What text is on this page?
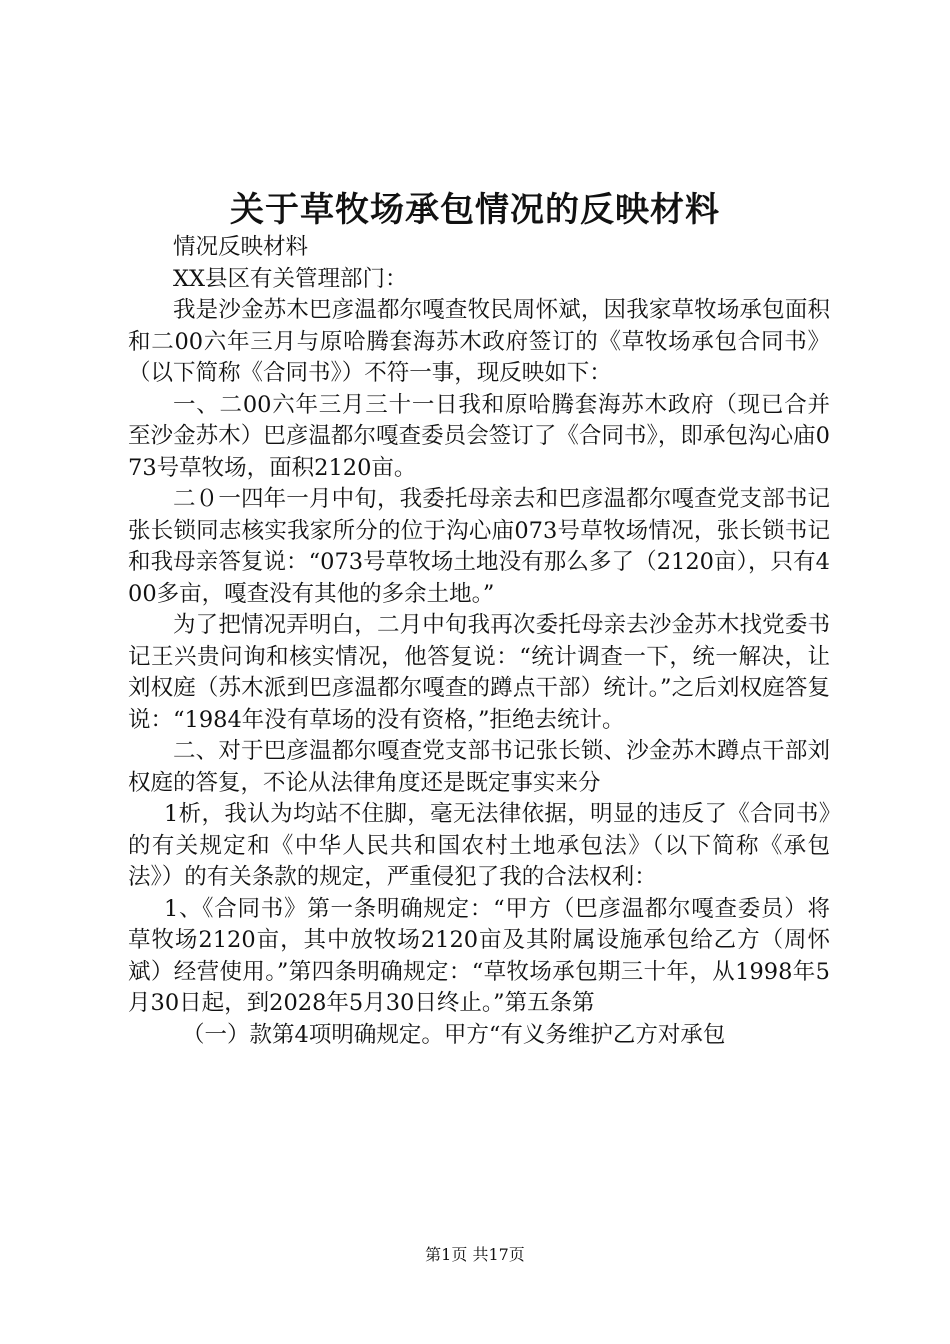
关于草牧场承包情况的反映材料

情况反映材料

XX县区有关管理部门：

我是沙金苏木巴彦温都尔嘎查牧民周怀斌，因我家草牧场承包面积和二00六年三月与原哈腾套海苏木政府签订的《草牧场承包合同书》（以下简称《合同书》）不符一事，现反映如下：

一、二00六年三月三十一日我和原哈腾套海苏木政府（现已合并至沙金苏木）巴彦温都尔嘎查委员会签订了《合同书》，即承包沟心庙073号草牧场，面积2120亩。

二０一四年一月中旬，我委托母亲去和巴彦温都尔嘎查党支部书记张长锁同志核实我家所分的位于沟心庙073号草牧场情况，张长锁书记和我母亲答复说：“073号草牧场土地没有那么多了（2120亩），只有400多亩，嘎查没有其他的多余土地。”

为了把情况弄明白，二月中旬我再次委托母亲去沙金苏木找党委书记王兴贵问询和核实情况，他答复说：“统计调查一下，统一解决，让刘权庭（苏木派到巴彦温都尔嘎查的蹲点干部）统计。”之后刘权庭答复说：“1984年没有草场的没有资格，”拒绝去统计。

二、对于巴彦温都尔嘎查党支部书记张长锁、沙金苏木蹲点干部刘权庭的答复，不论从法律角度还是既定事实来分

1析，我认为均站不住脚，毫无法律依据，明显的违反了《合同书》的有关规定和《中华人民共和国农村土地承包法》（以下简称《承包法》）的有关条款的规定，严重侵犯了我的合法权利：

1、《合同书》第一条明确规定：“甲方（巴彦温都尔嘎查委员）将草牧场2120亩，其中放牧场2120亩及其附属设施承包给乙方（周怀斌）经营使用。”第四条明确规定：“草牧场承包期三十年，从1998年5月30日起，到2028年5月30日终止。”第五条第

（一）款第4项明确规定。甲方“有义务维护乙方对承包

第1页 共17页
